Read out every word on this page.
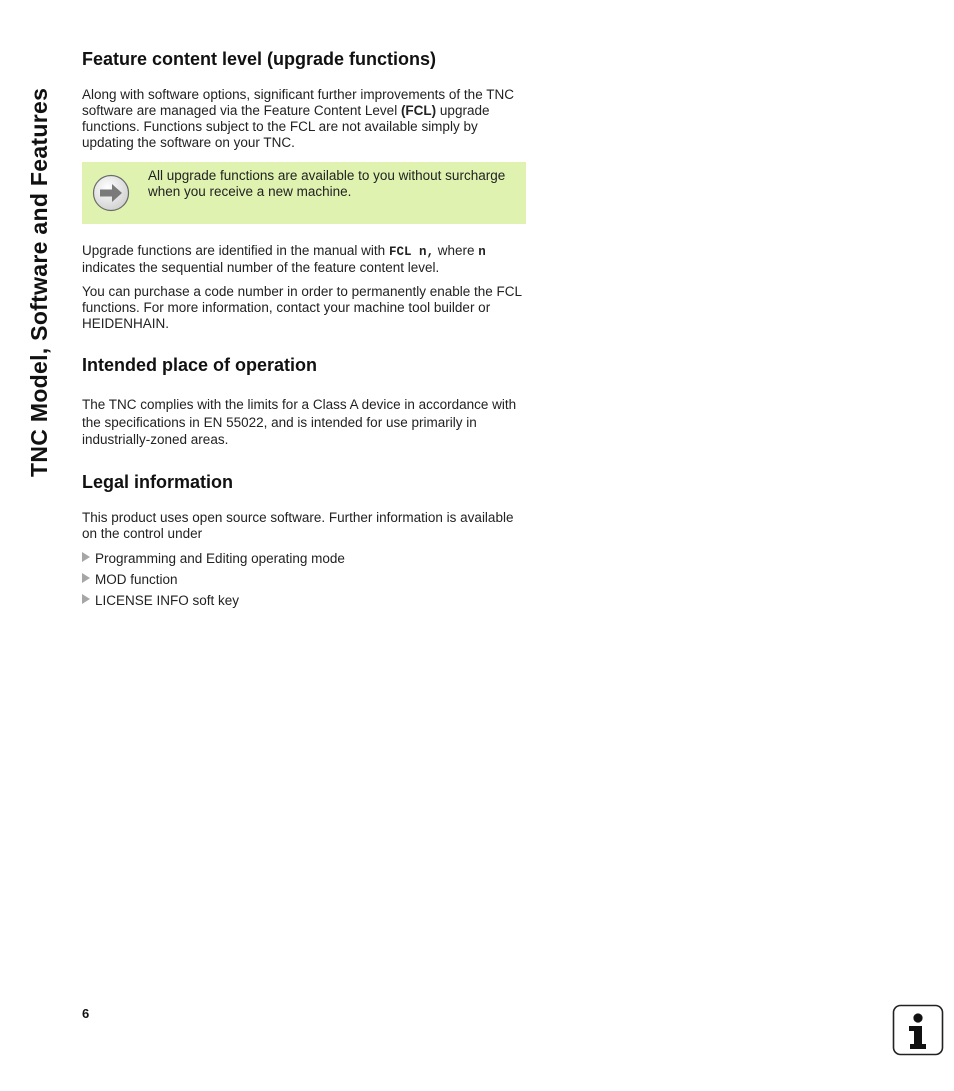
TNC Model, Software and Features
Feature content level (upgrade functions)

Along with software options, significant further improvements of the TNC software are managed via the Feature Content Level (FCL) upgrade functions. Functions subject to the FCL are not available simply by updating the software on your TNC.

All upgrade functions are available to you without surcharge when you receive a new machine.

Upgrade functions are identified in the manual with FCL n, where n indicates the sequential number of the feature content level.

You can purchase a code number in order to permanently enable the FCL functions. For more information, contact your machine tool builder or HEIDENHAIN.

Intended place of operation

The TNC complies with the limits for a Class A device in accordance with the specifications in EN 55022, and is intended for use primarily in industrially-zoned areas.

Legal information

This product uses open source software. Further information is available on the control under

Programming and Editing operating mode
MOD function
LICENSE INFO soft key
6
